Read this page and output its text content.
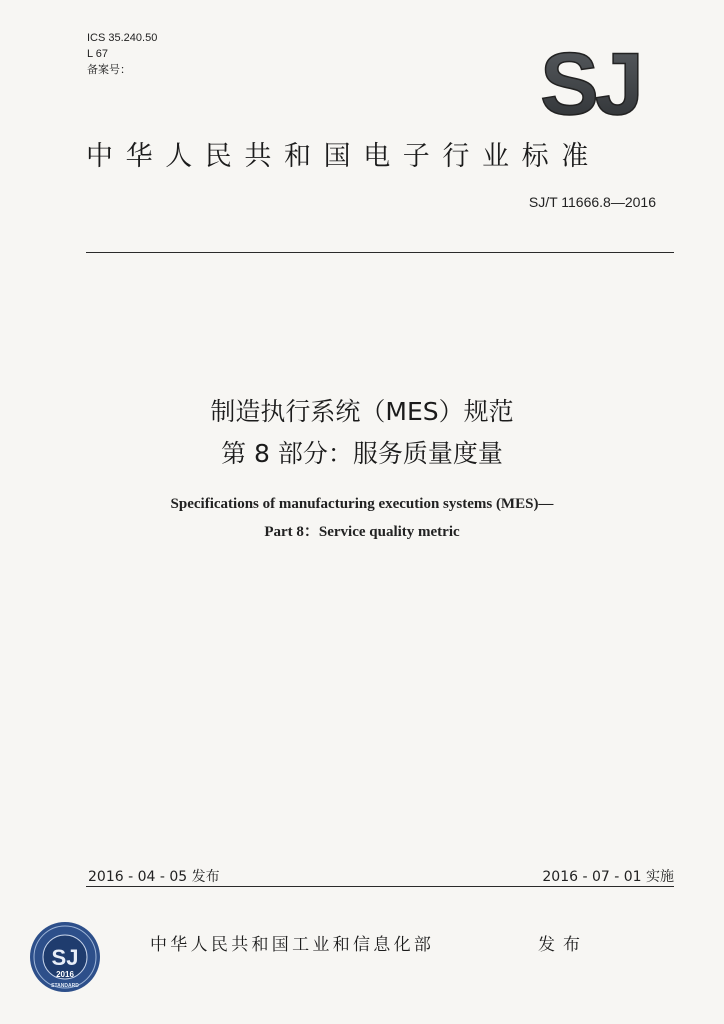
ICS 35.240.50
L 67
备案号：	SJ
中华人民共和国电子行业标准
SJ/T 11666.8—2016
制造执行系统（MES）规范
第 8 部分：服务质量度量
Specifications of manufacturing execution systems (MES)—
Part 8：Service quality metric
2016 - 04 - 05 发布	2016 - 07 - 01 实施
SJ
2016
STANDARD
中华人民共和国工业和信息化部	发布
